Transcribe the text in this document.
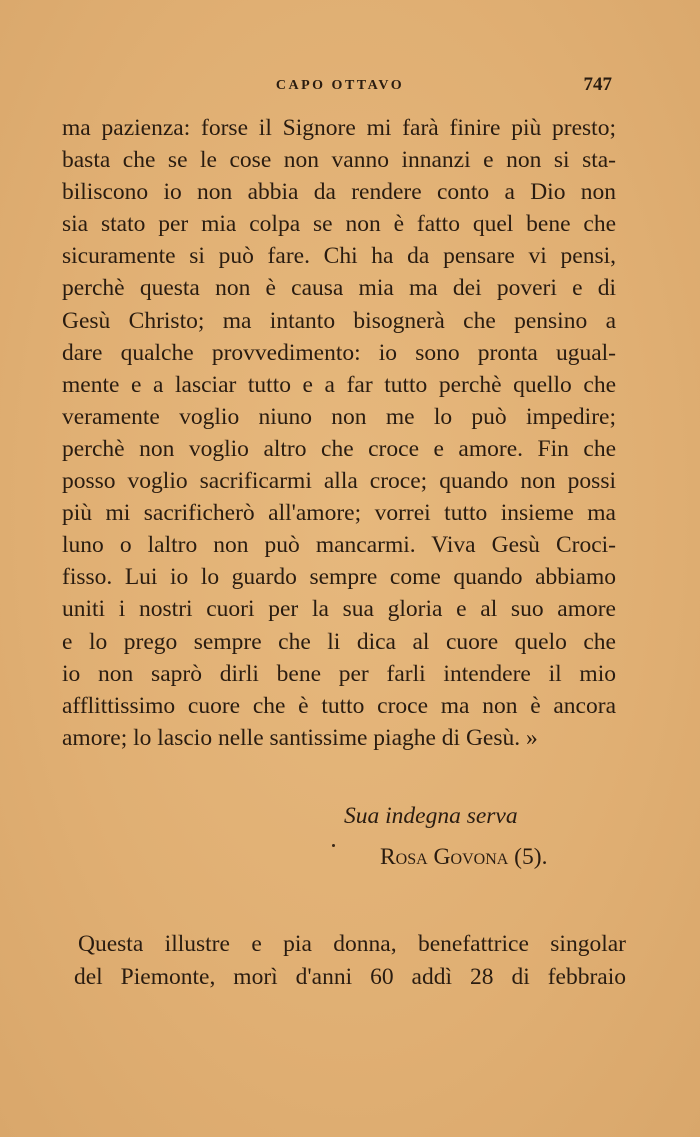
CAPO OTTAVO	747
ma pazienza: forse il Signore mi farà finire più presto;
basta che se le cose non vanno innanzi e non si sta-
biliscono io non abbia da rendere conto a Dio non
sia stato per mia colpa se non è fatto quel bene che
sicuramente si può fare. Chi ha da pensare vi pensi,
perchè questa non è causa mia ma dei poveri e di
Gesù Christo; ma intanto bisognerà che pensino a
dare qualche provvedimento: io sono pronta ugual-
mente e a lasciar tutto e a far tutto perchè quello che
veramente voglio niuno non me lo può impedire;
perchè non voglio altro che croce e amore. Fin che
posso voglio sacrificarmi alla croce; quando non possi
più mi sacrificherò all'amore; vorrei tutto insieme ma
luno o laltro non può mancarmi. Viva Gesù Croci-
fisso. Lui io lo guardo sempre come quando abbiamo
uniti i nostri cuori per la sua gloria e al suo amore
e lo prego sempre che li dica al cuore quelo che
io non saprò dirli bene per farli intendere il mio
afflittissimo cuore che è tutto croce ma non è ancora
amore; lo lascio nelle santissime piaghe di Gesù. »
Sua indegna serva
Rosa Govona (5).
Questa illustre e pia donna, benefattrice singolar
del Piemonte, morì d'anni 60 addì 28 di febbraio
